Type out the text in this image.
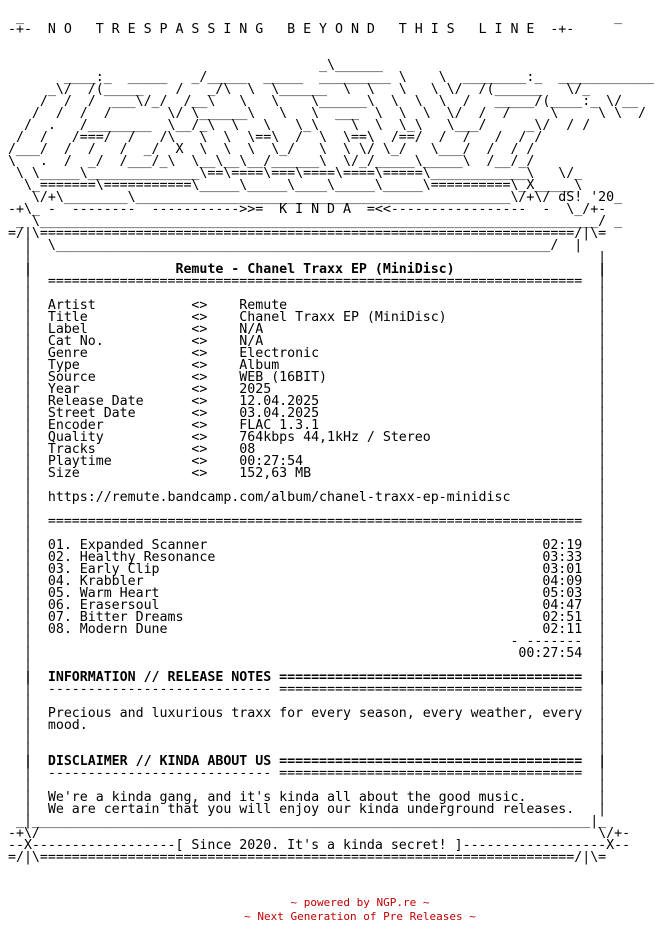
_                                                                          _
-+-  N O   T R E S P A S S I N G   B E Y O N D   T H I S   L I N E  -+-
_\______
____:_  _____   _/_____  _____  _________ \    \  ________:_  ____________
_\/  /(_____    /   _/\  \  \______  \  \   \   \ \/  /(______   \/_
/  /  /  ___\/_/  /__\   \   \    \______\  \  \  \  /   _____/(____:_ \/__
/  /  /  /       \/ \______\   \   \  ___  \  \  \  \/  /  /     \     \ \  /
/  .   /________  \__/_\  \   \   \_\    \  \  \_\   \___/     _\/  / /
/  /   /===/  /   /\   \  \  \==\  /  \  \==\  /==/  /  /   /  / /
/___/  /  /   /  _/  X  \  \  \  \_/   \  \ \/ \_/   \___/  /  / /
\   .  /  _/  /___/_\  \__\__\__/______\  \/_/_____\_____\  /__/_/
\ \_____\______________\==\====\===\====\====\=====\____________\   \/_
\_=======\===========\_____\_____\____\_____\_____\==========\_X_____\
\/+\________\_______________________________________________\/+\/ dS! '20_
-+\_ -  --------  ----------->>=  K I N D A  =<<-----------------  -  \_/+-
_ \______________________________________________________________________/ _
=/|\===================================================================/|\=
|  \______________________________________________________________/  |
|                                                                       |
|                  Remute - Chanel Traxx EP (MiniDisc)                  |
|  ===================================================================  |
|                                                                       |
|  Artist            <>    Remute                                       |
|  Title             <>    Chanel Traxx EP (MiniDisc)                   |
|  Label             <>    N/A                                          |
|  Cat No.           <>    N/A                                          |
|  Genre             <>    Electronic                                   |
|  Type              <>    Album                                        |
|  Source            <>    WEB (16BIT)                                  |
|  Year              <>    2025                                         |
|  Release Date      <>    12.04.2025                                   |
|  Street Date       <>    03.04.2025                                   |
|  Encoder           <>    FLAC 1.3.1                                   |
|  Quality           <>    764kbps 44,1kHz / Stereo                     |
|  Tracks            <>    08                                           |
|  Playtime          <>    00:27:54                                     |
|  Size              <>    152,63 MB                                    |
|                                                                       |
|  https://remute.bandcamp.com/album/chanel-traxx-ep-minidisc           |
|                                                                       |
|  ===================================================================  |
|                                                                       |
|  01. Expanded Scanner                                          02:19  |
|  02. Healthy Resonance                                         03:33  |
|  03. Early Clip                                                03:01  |
|  04. Krabbler                                                  04:09  |
|  05. Warm Heart                                                05:03  |
|  06. Erasersoul                                                04:47  |
|  07. Bitter Dreams                                             02:51  |
|  08. Modern Dune                                               02:11  |
|                                                            - -------  |
|                                                             00:27:54  |
|                                                                       |
|  INFORMATION // RELEASE NOTES ======================================  |
|  ---------------------------- ======================================  |
|                                                                       |
|  Precious and luxurious traxx for every season, every weather, every  |
|  mood.                                                                |
|                                                                       |
|                                                                       |
|  DISCLAIMER // KINDA ABOUT US ======================================  |
|  ---------------------------- ======================================  |
|                                                                       |
|  We're a kinda gang, and it's kinda all about the good music.         |
|  We are certain that you will enjoy our kinda underground releases.   |
_|______________________________________________________________________|_
-+\/                                                                      \/+-
--X------------------[ Since 2020. It's a kinda secret! ]------------------X--
=/|\===================================================================/|\=
~ powered by NGP.re ~
~ Next Generation of Pre Releases ~
